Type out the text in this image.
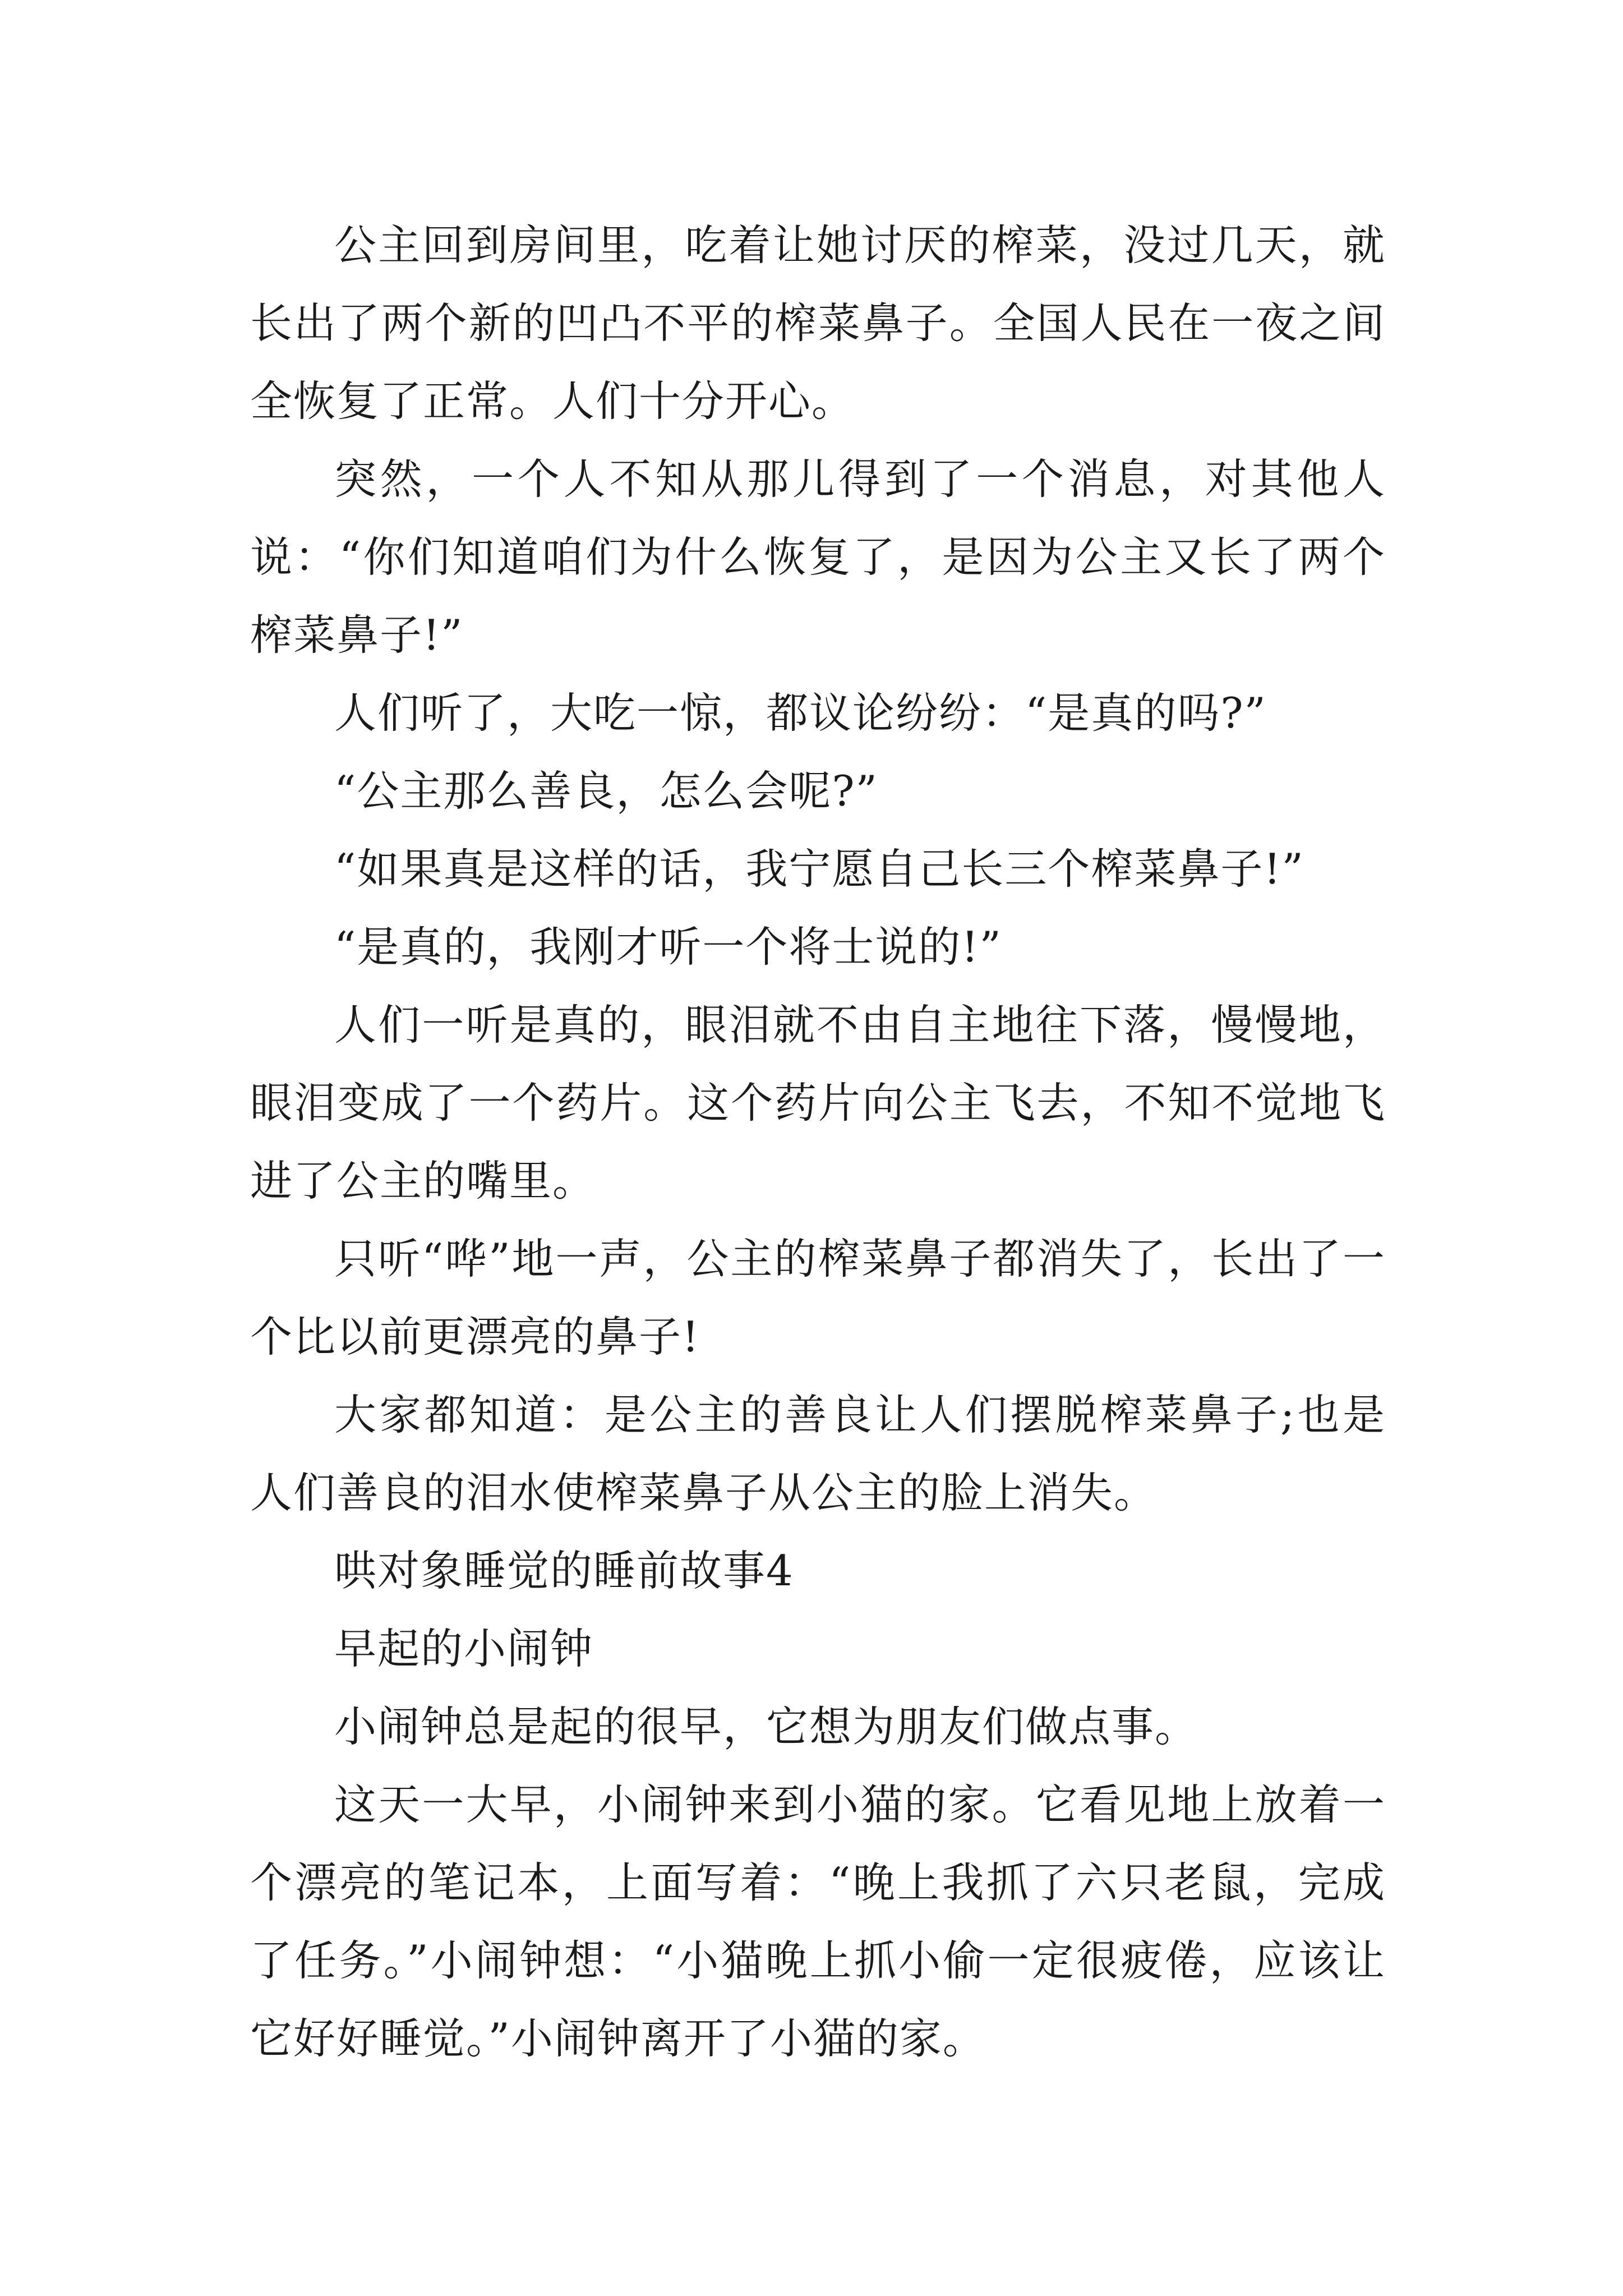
公主回到房间里，吃着让她讨厌的榨菜，没过几天，就长出了两个新的凹凸不平的榨菜鼻子。全国人民在一夜之间全恢复了正常。人们十分开心。

突然，一个人不知从那儿得到了一个消息，对其他人说：“你们知道咱们为什么恢复了，是因为公主又长了两个榨菜鼻子!”

人们听了，大吃一惊，都议论纷纷：“是真的吗?”

“公主那么善良，怎么会呢?”

“如果真是这样的话，我宁愿自己长三个榨菜鼻子!”

“是真的，我刚才听一个将士说的!”

人们一听是真的，眼泪就不由自主地往下落，慢慢地，眼泪变成了一个药片。这个药片向公主飞去，不知不觉地飞进了公主的嘴里。

只听“哗”地一声，公主的榨菜鼻子都消失了，长出了一个比以前更漂亮的鼻子!

大家都知道：是公主的善良让人们摆脱榨菜鼻子;也是人们善良的泪水使榨菜鼻子从公主的脸上消失。

哄对象睡觉的睡前故事4

早起的小闹钟

小闹钟总是起的很早，它想为朋友们做点事。

这天一大早，小闹钟来到小猫的家。它看见地上放着一个漂亮的笔记本，上面写着：“晚上我抓了六只老鼠，完成了任务。”小闹钟想：“小猫晚上抓小偷一定很疲倦，应该让它好好睡觉。”小闹钟离开了小猫的家。
